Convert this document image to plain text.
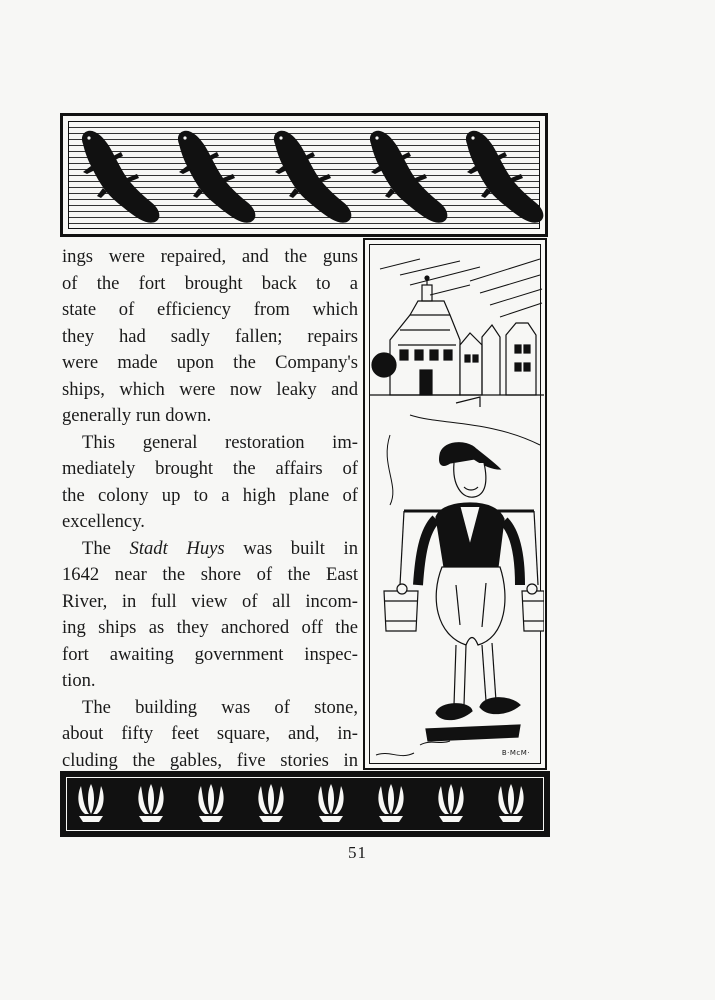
ings were repaired, and the guns
of the fort brought back to a
state of efficiency from which
they had sadly fallen; repairs
were made upon the Company's
ships, which were now leaky and
generally run down.

This general restoration im-
mediately brought the affairs of
the colony up to a high plane of
excellency.

The Stadt Huys was built in
1642 near the shore of the East
River, in full view of all incom-
ing ships as they anchored off the
fort awaiting government inspec-
tion.

The building was of stone,
about fifty feet square, and, in-
cluding the gables, five stories in	B·McM·
51
